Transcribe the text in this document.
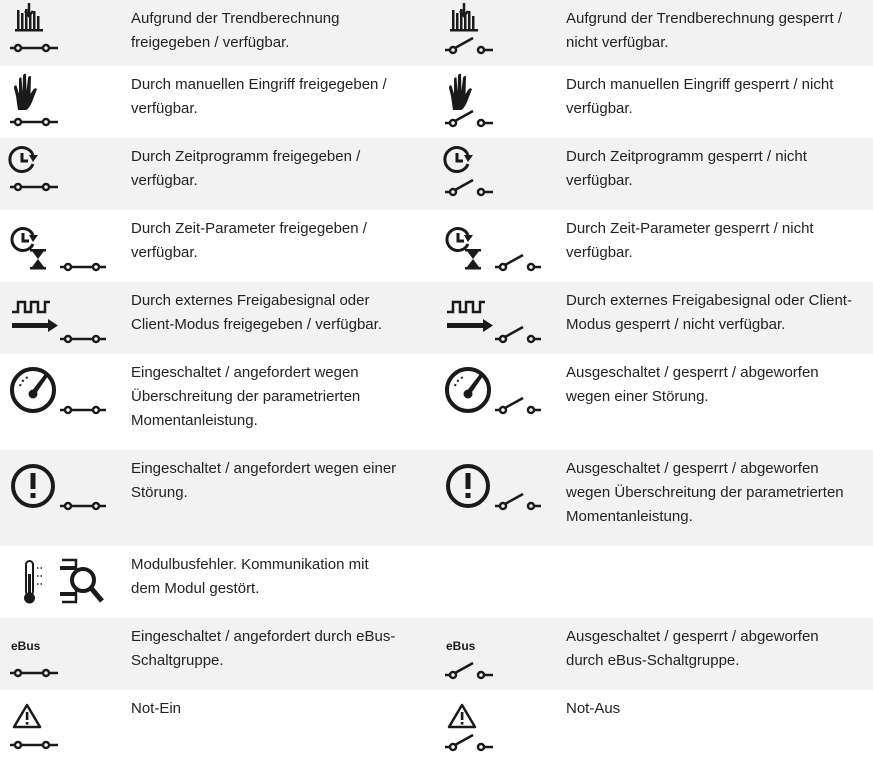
Aufgrund der Trendberechnung
freigegeben / verfügbar.
Aufgrund der Trendberechnung gesperrt /
nicht verfügbar.
Durch manuellen Eingriff freigegeben /
verfügbar.
Durch manuellen Eingriff gesperrt / nicht
verfügbar.
Durch Zeitprogramm freigegeben /
verfügbar.
Durch Zeitprogramm gesperrt / nicht
verfügbar.
Durch Zeit-Parameter freigegeben /
verfügbar.
Durch Zeit-Parameter gesperrt / nicht
verfügbar.
Durch externes Freigabesignal oder
Client-Modus freigegeben / verfügbar.
Durch externes Freigabesignal oder Client-
Modus gesperrt / nicht verfügbar.
Eingeschaltet / angefordert wegen
Überschreitung der parametrierten
Momentanleistung.
Ausgeschaltet / gesperrt / abgeworfen
wegen einer Störung.
Eingeschaltet / angefordert wegen einer
Störung.
Ausgeschaltet / gesperrt / abgeworfen
wegen Überschreitung der parametrierten
Momentanleistung.
Modulbusfehler. Kommunikation mit
dem Modul gestört.
eBus
Eingeschaltet / angefordert durch eBus-
Schaltgruppe.
eBus
Ausgeschaltet / gesperrt / abgeworfen
durch eBus-Schaltgruppe.
Not-Ein	Not-Aus
